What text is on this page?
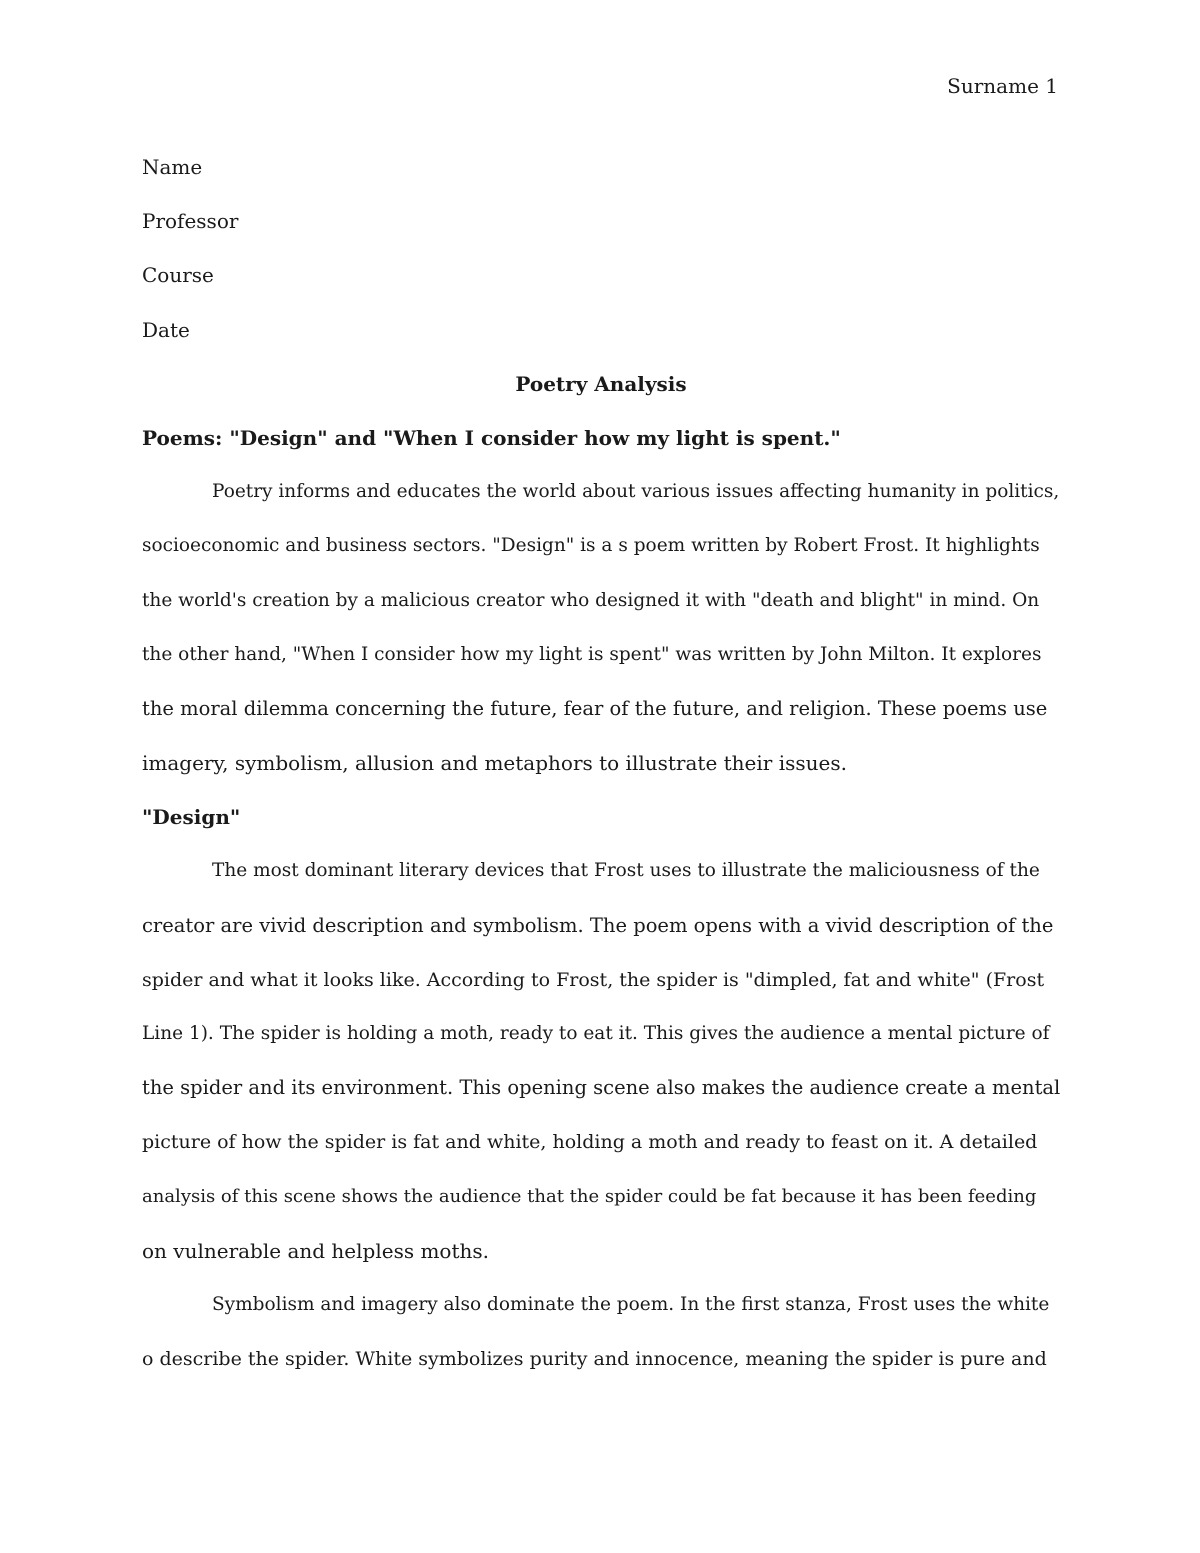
Surname 1
Name
Professor
Course
Date
Poetry Analysis
Poems: "Design" and "When I consider how my light is spent."
Poetry informs and educates the world about various issues affecting humanity in politics,
socioeconomic and business sectors. "Design" is a s poem written by Robert Frost. It highlights
the world's creation by a malicious creator who designed it with "death and blight" in mind. On
the other hand, "When I consider how my light is spent" was written by John Milton. It explores
the moral dilemma concerning the future, fear of the future, and religion. These poems use
imagery, symbolism, allusion and metaphors to illustrate their issues.
"Design"
The most dominant literary devices that Frost uses to illustrate the maliciousness of the
creator are vivid description and symbolism. The poem opens with a vivid description of the
spider and what it looks like. According to Frost, the spider is "dimpled, fat and white" (Frost
Line 1). The spider is holding a moth, ready to eat it. This gives the audience a mental picture of
the spider and its environment. This opening scene also makes the audience create a mental
picture of how the spider is fat and white, holding a moth and ready to feast on it. A detailed
analysis of this scene shows the audience that the spider could be fat because it has been feeding
on vulnerable and helpless moths.
Symbolism and imagery also dominate the poem. In the first stanza, Frost uses the white
o describe the spider. White symbolizes purity and innocence, meaning the spider is pure and
